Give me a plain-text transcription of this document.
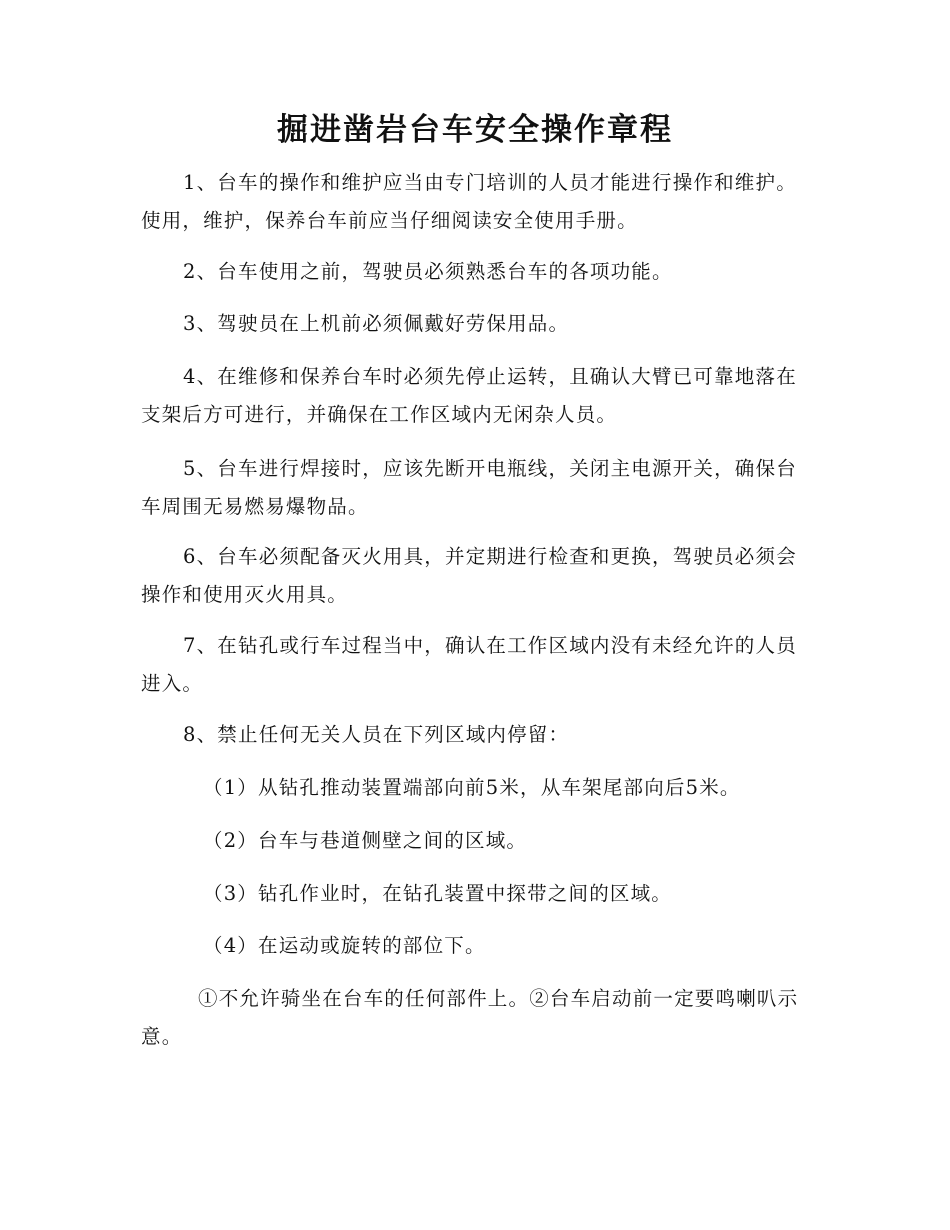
掘进凿岩台车安全操作章程

1、台车的操作和维护应当由专门培训的人员才能进行操作和维护。使用，维护，保养台车前应当仔细阅读安全使用手册。

2、台车使用之前，驾驶员必须熟悉台车的各项功能。

3、驾驶员在上机前必须佩戴好劳保用品。

4、在维修和保养台车时必须先停止运转，且确认大臂已可靠地落在支架后方可进行，并确保在工作区域内无闲杂人员。

5、台车进行焊接时，应该先断开电瓶线，关闭主电源开关，确保台车周围无易燃易爆物品。

6、台车必须配备灭火用具，并定期进行检查和更换，驾驶员必须会操作和使用灭火用具。

7、在钻孔或行车过程当中，确认在工作区域内没有未经允许的人员进入。

8、禁止任何无关人员在下列区域内停留：

（1）从钻孔推动装置端部向前5米，从车架尾部向后5米。

（2）台车与巷道侧壁之间的区域。

（3）钻孔作业时，在钻孔装置中探带之间的区域。

（4）在运动或旋转的部位下。

①不允许骑坐在台车的任何部件上。②台车启动前一定要鸣喇叭示意。
